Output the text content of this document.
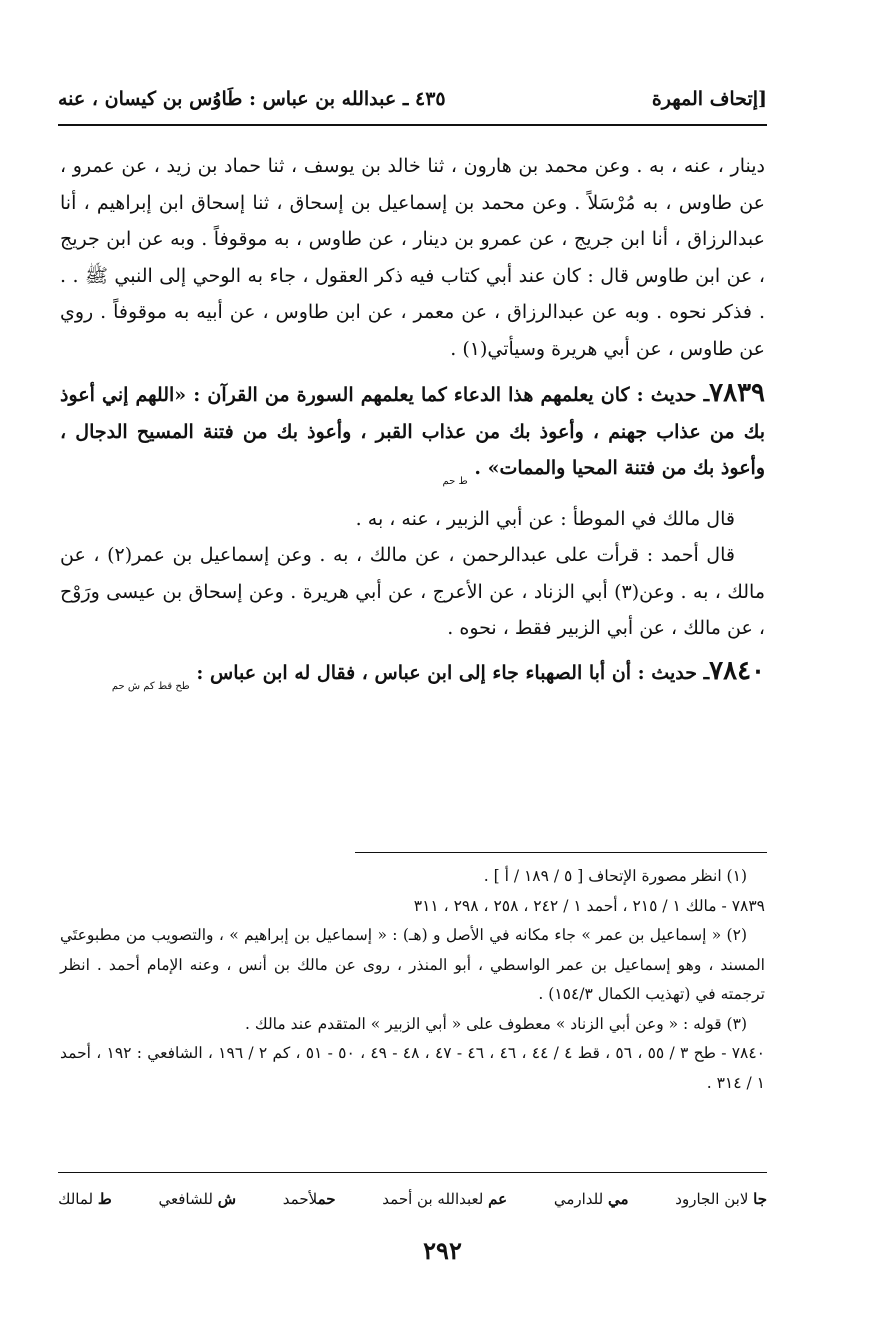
٤٣٥ ـ عبدالله بن عباس : طَاوُس بن كيسان ، عنه	[إتحاف المهرة

دينار ، عنه ، به . وعن محمد بن هارون ، ثنا خالد بن يوسف ، ثنا حماد بن زيد ، عن عمرو ، عن طاوس ، به مُرْسَلاً . وعن محمد بن إسماعيل بن إسحاق ، ثنا إسحاق ابن إبراهيم ، أنا عبدالرزاق ، أنا ابن جريج ، عن عمرو بن دينار ، عن طاوس ، به موقوفاً . وبه عن ابن جريج ، عن ابن طاوس قال : كان عند أبي كتاب فيه ذكر العقول ، جاء به الوحي إلى النبي ﷺ . . . فذكر نحوه . وبه عن عبدالرزاق ، عن معمر ، عن ابن طاوس ، عن أبيه به موقوفاً . روي عن طاوس ، عن أبي هريرة وسيأتي(١) .

٧٨٣٩ـ حديث : كان يعلمهم هذا الدعاء كما يعلمهم السورة من القرآن : «اللهم إني أعوذ بك من عذاب جهنم ، وأعوذ بك من عذاب القبر ، وأعوذ بك من فتنة المسيح الدجال ، وأعوذ بك من فتنة المحيا والممات» . $_{ط حم}$

قال مالك في الموطأ : عن أبي الزبير ، عنه ، به .

قال أحمد : قرأت على عبدالرحمن ، عن مالك ، به . وعن إسماعيل بن عمر(٢) ، عن مالك ، به . وعن(٣) أبي الزناد ، عن الأعرج ، عن أبي هريرة . وعن إسحاق بن عيسى ورَوْح ، عن مالك ، عن أبي الزبير فقط ، نحوه .

٧٨٤٠ـ حديث : أن أبا الصهباء جاء إلى ابن عباس ، فقال له ابن عباس : $_{طح قط كم ش حم}$

(١) انظر مصورة الإتحاف [ ٥ / ١٨٩ / أ ] .

٧٨٣٩ - مالك ١ / ٢١٥ ، أحمد ١ / ٢٤٢ ، ٢٥٨ ، ٢٩٨ ، ٣١١

(٢) « إسماعيل بن عمر » جاء مكانه في الأصل و (هـ) : « إسماعيل بن إبراهيم » ، والتصويب من مطبوعتَي المسند ، وهو إسماعيل بن عمر الواسطي ، أبو المنذر ، روى عن مالك بن أنس ، وعنه الإمام أحمد . انظر ترجمته في (تهذيب الكمال ١٥٤/٣) .

(٣) قوله : « وعن أبي الزناد » معطوف على « أبي الزبير » المتقدم عند مالك .

٧٨٤٠ - طح ٣ / ٥٥ ، ٥٦ ، قط ٤ / ٤٤ ، ٤٦ ، ٤٦ - ٤٧ ، ٤٨ - ٤٩ ، ٥٠ - ٥١ ، كم ٢ / ١٩٦ ، الشافعي : ١٩٢ ، أحمد ١ / ٣١٤ .

ط لمالك	ش للشافعي	حملأحمد	عم لعبدالله بن أحمد	مي للدارمي	جا لابن الجارود
٢٩٢
